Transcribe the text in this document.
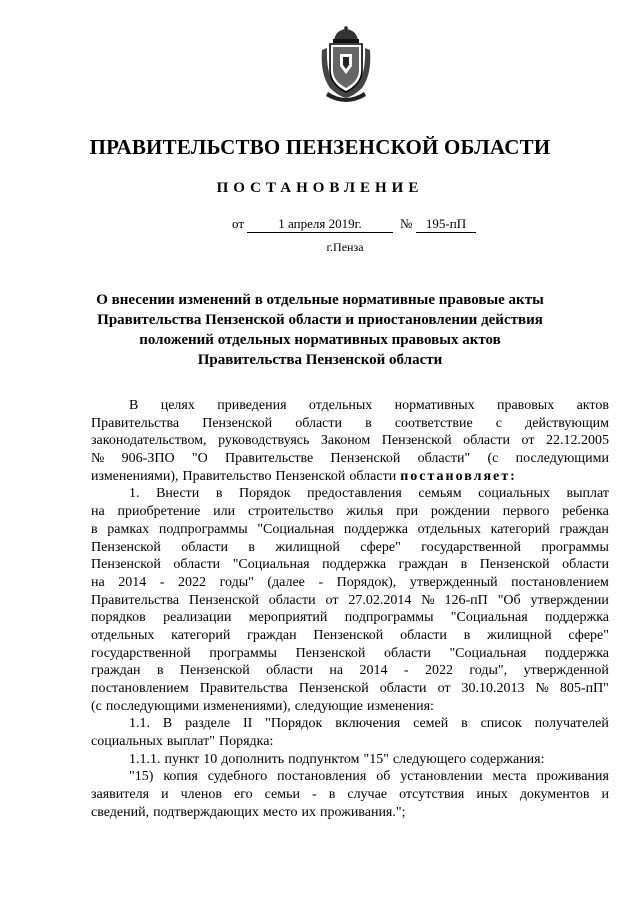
ПРАВИТЕЛЬСТВО ПЕНЗЕНСКОЙ ОБЛАСТИ
ПОСТАНОВЛЕНИЕ
от	1 апреля 2019г.	№	195-пП
г.Пенза
О внесении изменений в отдельные нормативные правовые акты
Правительства Пензенской области и приостановлении действия
положений отдельных нормативных правовых актов
Правительства Пензенской области
В целях приведения отдельных нормативных правовых актов
Правительства Пензенской области в соответствие с действующим
законодательством, руководствуясь Законом Пензенской области от 22.12.2005
№ 906-ЗПО "О Правительстве Пензенской области" (с последующими
изменениями), Правительство Пензенской области постановляет:
1. Внести в Порядок предоставления семьям социальных выплат
на приобретение или строительство жилья при рождении первого ребенка
в рамках подпрограммы "Социальная поддержка отдельных категорий граждан
Пензенской области в жилищной сфере" государственной программы
Пензенской области "Социальная поддержка граждан в Пензенской области
на 2014 - 2022 годы" (далее - Порядок), утвержденный постановлением
Правительства Пензенской области от 27.02.2014 № 126-пП "Об утверждении
порядков реализации мероприятий подпрограммы "Социальная поддержка
отдельных категорий граждан Пензенской области в жилищной сфере"
государственной программы Пензенской области "Социальная поддержка
граждан в Пензенской области на 2014 - 2022 годы", утвержденной
постановлением Правительства Пензенской области от 30.10.2013 № 805-пП"
(с последующими изменениями), следующие изменения:
1.1. В разделе II "Порядок включения семей в список получателей
социальных выплат" Порядка:
1.1.1. пункт 10 дополнить подпунктом "15" следующего содержания:
"15) копия судебного постановления об установлении места проживания
заявителя и членов его семьи - в случае отсутствия иных документов и
сведений, подтверждающих место их проживания.";
